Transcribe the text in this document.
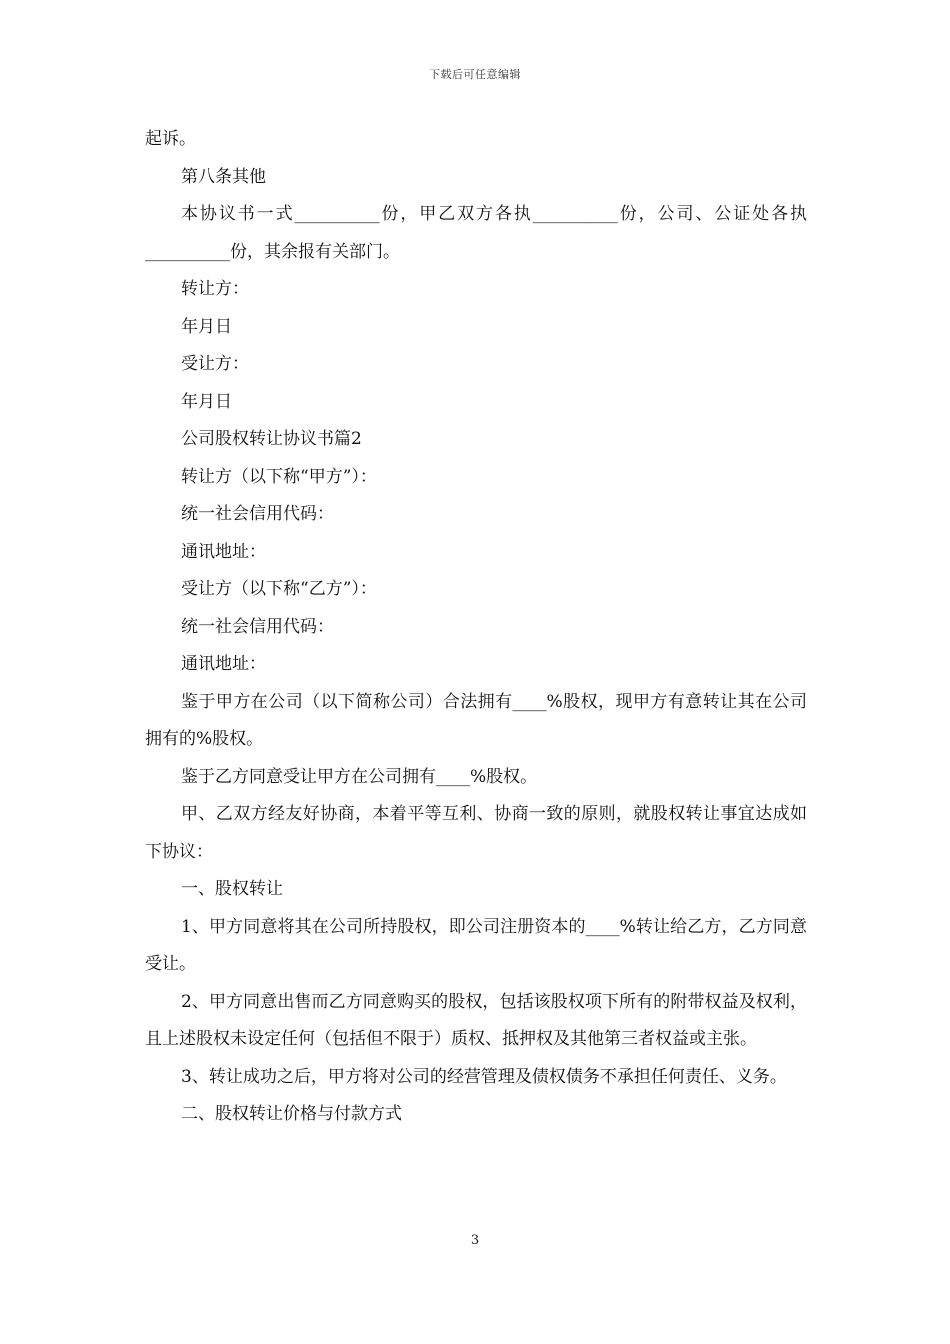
下载后可任意编辑

起诉。

第八条其他

本协议书一式__________份，甲乙双方各执__________份，公司、公证处各执__________份，其余报有关部门。

转让方：

年月日

受让方：

年月日

公司股权转让协议书篇2

转让方（以下称“甲方”）：

统一社会信用代码：

通讯地址：

受让方（以下称“乙方”）：

统一社会信用代码：

通讯地址：

鉴于甲方在公司（以下简称公司）合法拥有____%股权，现甲方有意转让其在公司拥有的%股权。

鉴于乙方同意受让甲方在公司拥有____%股权。

甲、乙双方经友好协商，本着平等互利、协商一致的原则，就股权转让事宜达成如下协议：

一、股权转让

1、甲方同意将其在公司所持股权，即公司注册资本的____%转让给乙方，乙方同意受让。

2、甲方同意出售而乙方同意购买的股权，包括该股权项下所有的附带权益及权利，且上述股权未设定任何（包括但不限于）质权、抵押权及其他第三者权益或主张。

3、转让成功之后，甲方将对公司的经营管理及债权债务不承担任何责任、义务。

二、股权转让价格与付款方式

3
